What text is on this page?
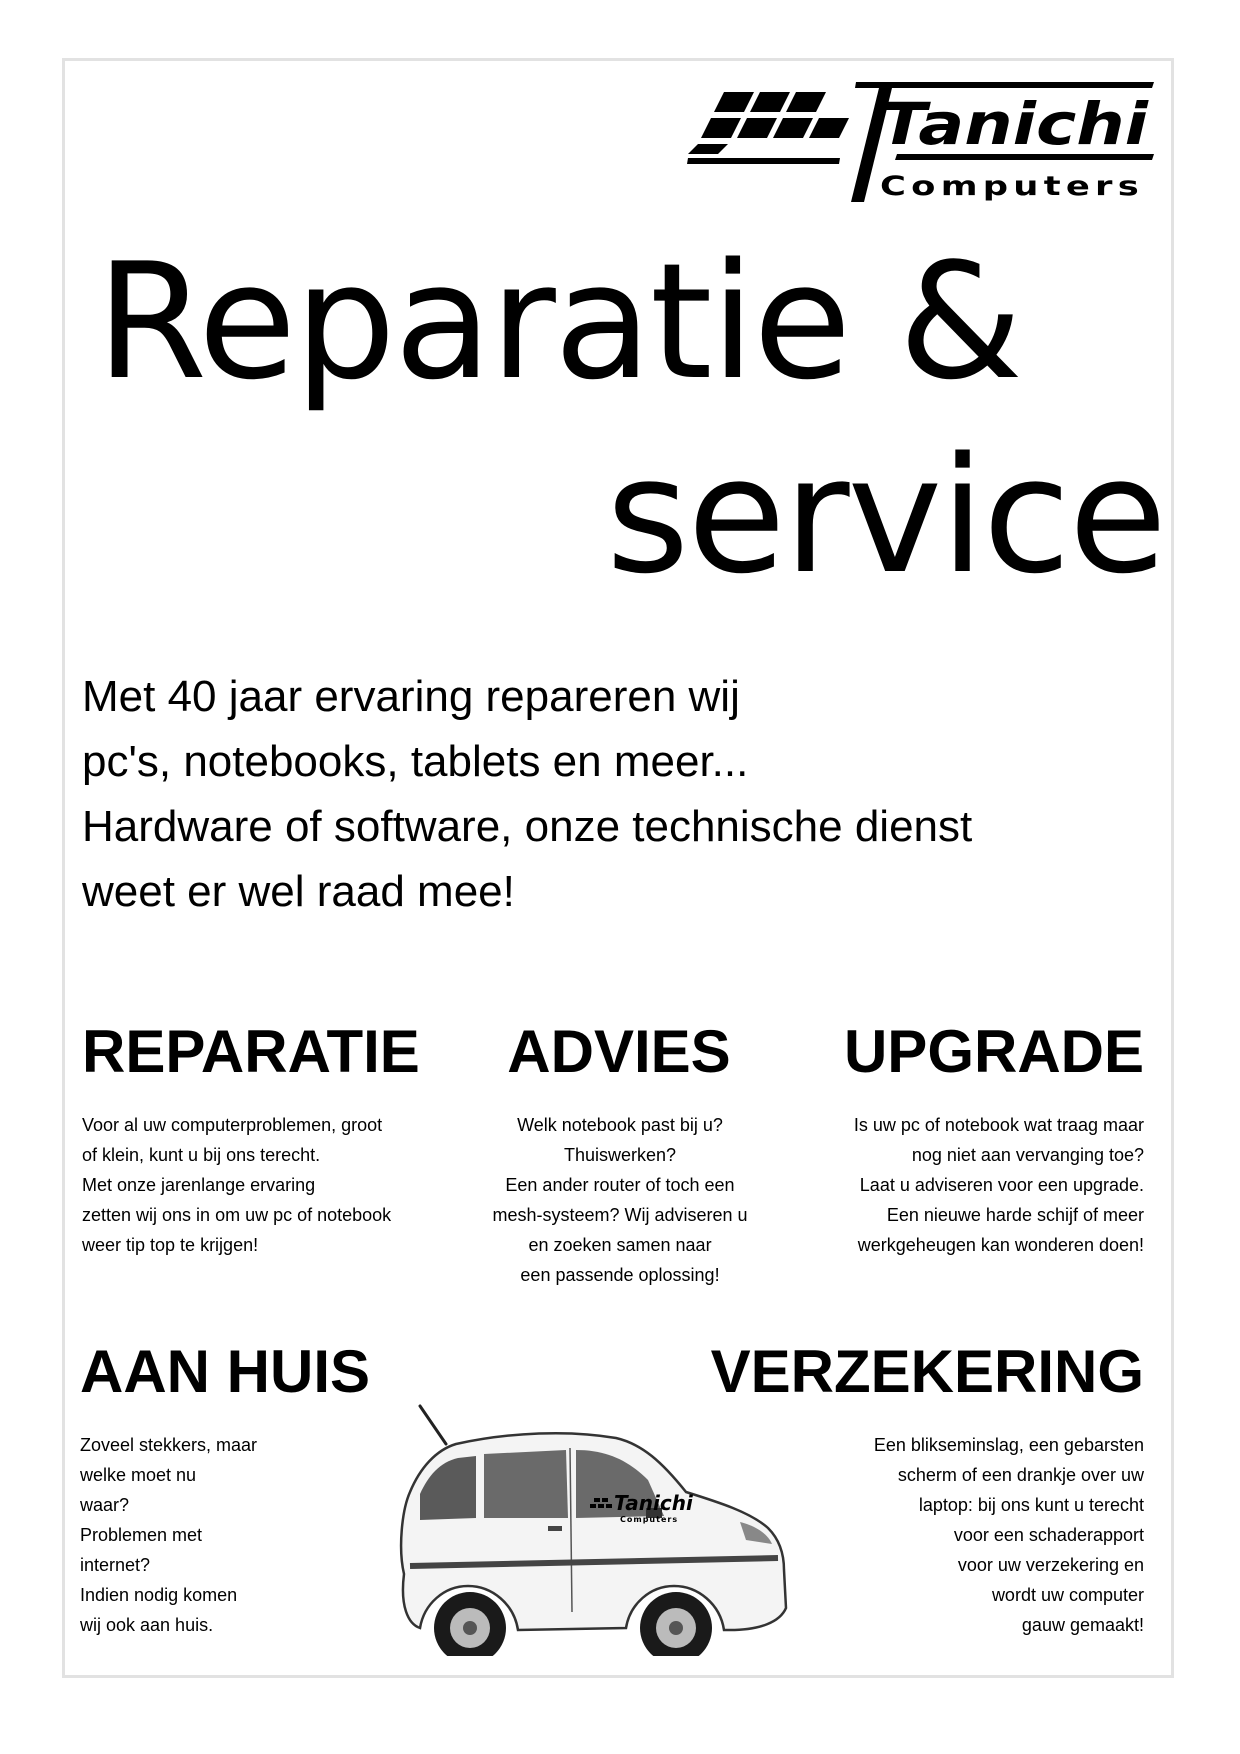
Tanichi
Computers
Reparatie &
service
Met 40 jaar ervaring repareren wij
pc's, notebooks, tablets en meer...
Hardware of software, onze technische dienst
weet er wel raad mee!
REPARATIE
Voor al uw computerproblemen, groot
of klein, kunt u bij ons terecht.
Met onze jarenlange ervaring
zetten wij ons in om uw pc of notebook
weer tip top te krijgen!
ADVIES
Welk notebook past bij u?
Thuiswerken?
Een ander router of toch een
mesh-systeem? Wij adviseren u
en zoeken samen naar
een passende oplossing!
UPGRADE
Is uw pc of notebook wat traag maar
nog niet aan vervanging toe?
Laat u adviseren voor een upgrade.
Een nieuwe harde schijf of meer
werkgeheugen kan wonderen doen!
AAN HUIS
Zoveel stekkers, maar
welke moet nu
waar?
Problemen met
internet?
Indien nodig komen
wij ook aan huis.
VERZEKERING
Een blikseminslag, een gebarsten
scherm of een drankje over uw
laptop: bij ons kunt u terecht
voor een schaderapport
voor uw verzekering en
wordt uw computer
gauw gemaakt!
Tanichi
Computers
